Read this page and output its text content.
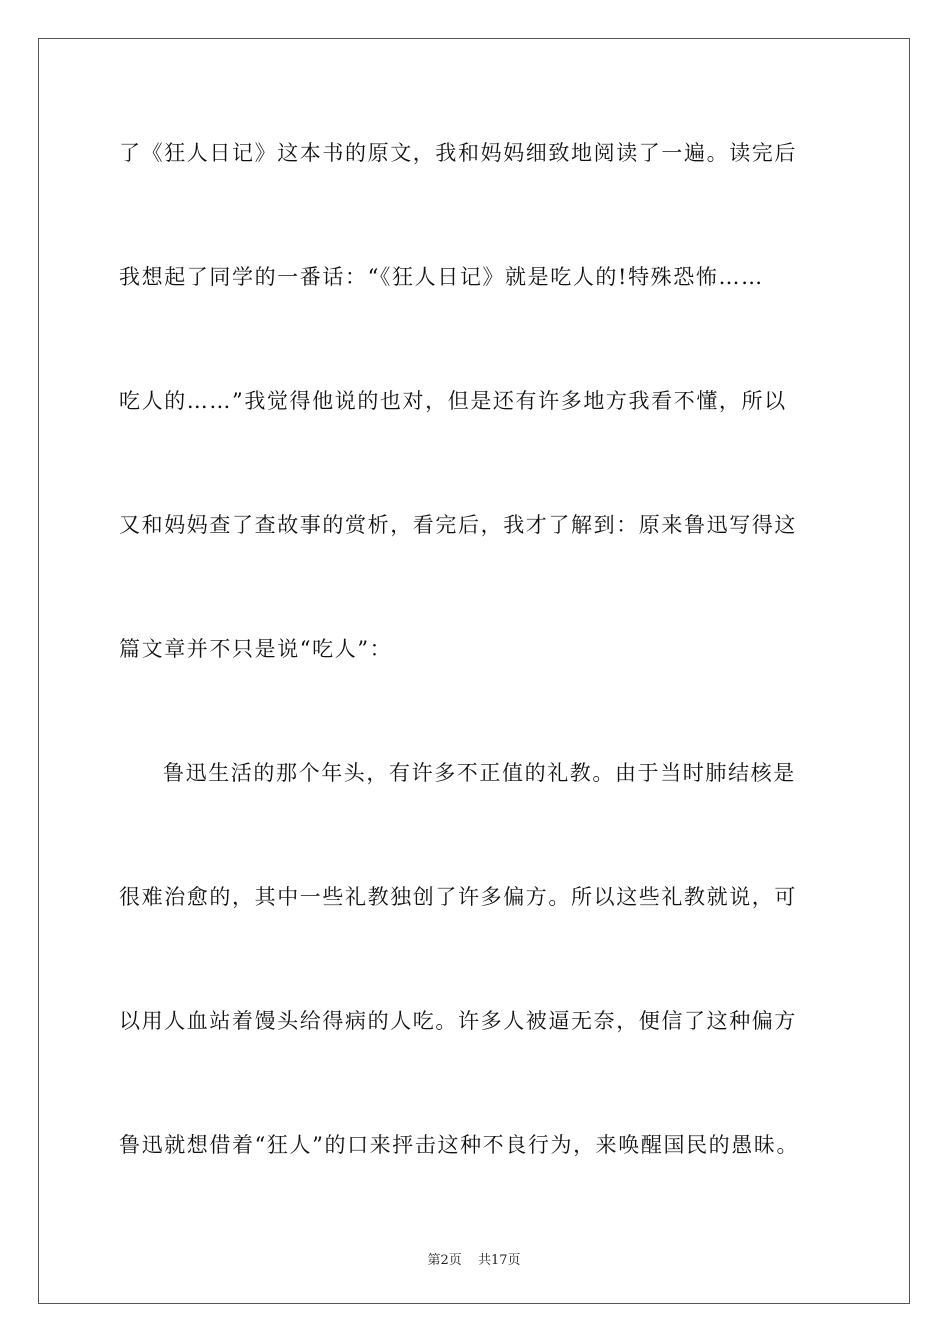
了《狂人日记》这本书的原文，我和妈妈细致地阅读了一遍。读完后
我想起了同学的一番话：“《狂人日记》就是吃人的!特殊恐怖……
吃人的……”我觉得他说的也对，但是还有许多地方我看不懂，所以
又和妈妈查了查故事的赏析，看完后，我才了解到：原来鲁迅写得这
篇文章并不只是说“吃人”：
鲁迅生活的那个年头，有许多不正值的礼教。由于当时肺结核是
很难治愈的，其中一些礼教独创了许多偏方。所以这些礼教就说，可
以用人血站着馒头给得病的人吃。许多人被逼无奈，便信了这种偏方
鲁迅就想借着“狂人”的口来抨击这种不良行为，来唤醒国民的愚昧。
第2页 共17页
